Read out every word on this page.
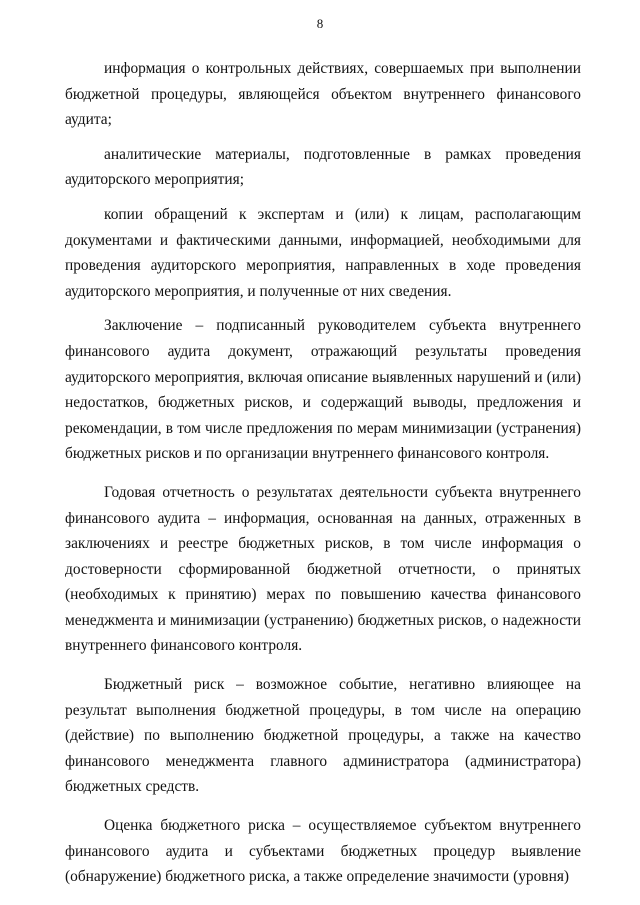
8

информация о контрольных действиях, совершаемых при выполнении бюджетной процедуры, являющейся объектом внутреннего финансового аудита;

аналитические материалы, подготовленные в рамках проведения аудиторского мероприятия;

копии обращений к экспертам и (или) к лицам, располагающим документами и фактическими данными, информацией, необходимыми для проведения аудиторского мероприятия, направленных в ходе проведения аудиторского мероприятия, и полученные от них сведения.

Заключение – подписанный руководителем субъекта внутреннего финансового аудита документ, отражающий результаты проведения аудиторского мероприятия, включая описание выявленных нарушений и (или) недостатков, бюджетных рисков, и содержащий выводы, предложения и рекомендации, в том числе предложения по мерам минимизации (устранения) бюджетных рисков и по организации внутреннего финансового контроля.

Годовая отчетность о результатах деятельности субъекта внутреннего финансового аудита – информация, основанная на данных, отраженных в заключениях и реестре бюджетных рисков, в том числе информация о достоверности сформированной бюджетной отчетности, о принятых (необходимых к принятию) мерах по повышению качества финансового менеджмента и минимизации (устранению) бюджетных рисков, о надежности внутреннего финансового контроля.

Бюджетный риск – возможное событие, негативно влияющее на результат выполнения бюджетной процедуры, в том числе на операцию (действие) по выполнению бюджетной процедуры, а также на качество финансового менеджмента главного администратора (администратора) бюджетных средств.

Оценка бюджетного риска – осуществляемое субъектом внутреннего финансового аудита и субъектами бюджетных процедур выявление (обнаружение) бюджетного риска, а также определение значимости (уровня)
